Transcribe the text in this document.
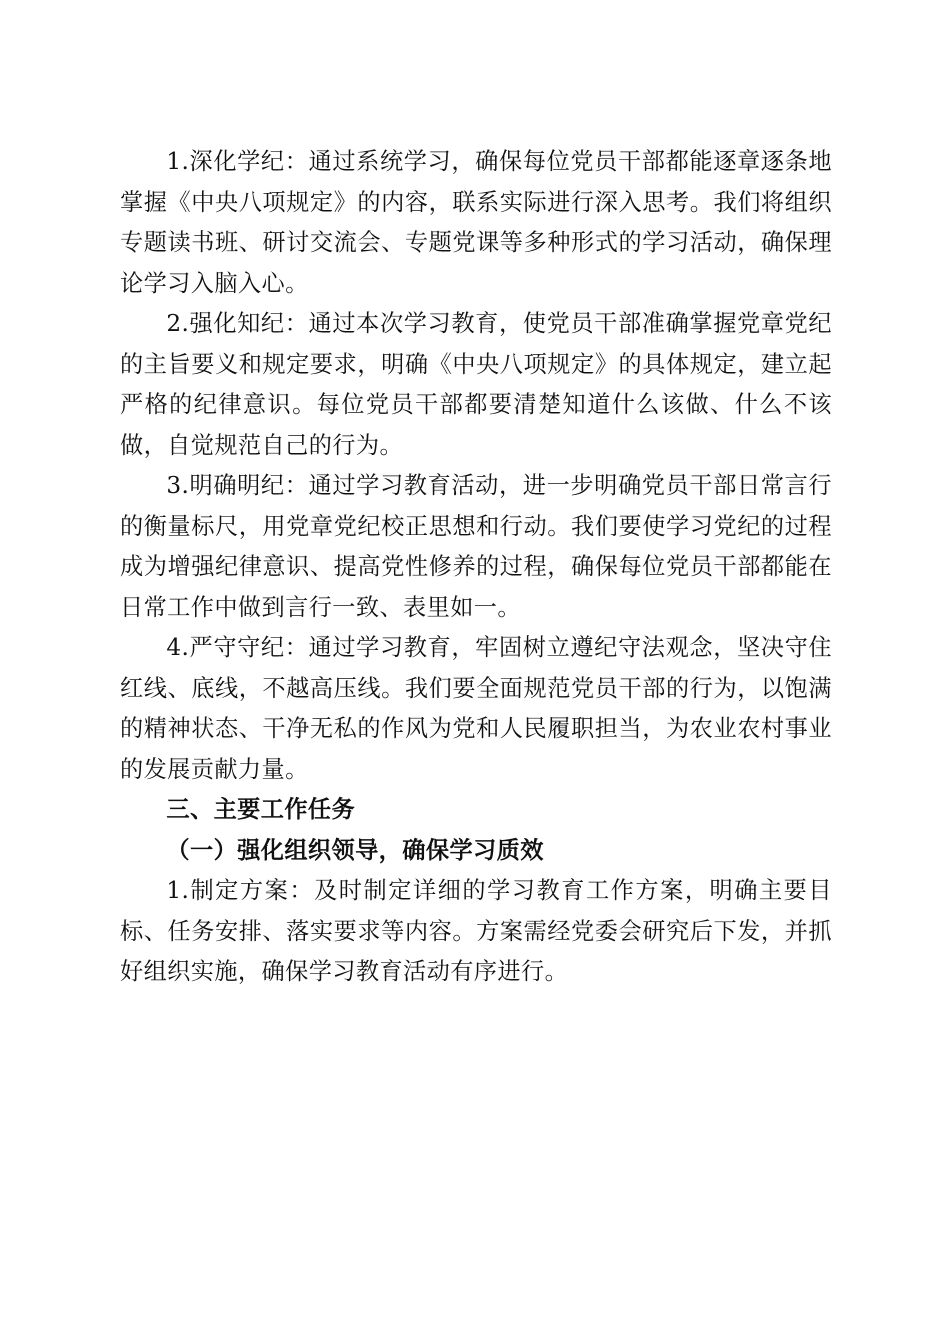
1.深化学纪：通过系统学习，确保每位党员干部都能逐章逐条地掌握《中央八项规定》的内容，联系实际进行深入思考。我们将组织专题读书班、研讨交流会、专题党课等多种形式的学习活动，确保理论学习入脑入心。

2.强化知纪：通过本次学习教育，使党员干部准确掌握党章党纪的主旨要义和规定要求，明确《中央八项规定》的具体规定，建立起严格的纪律意识。每位党员干部都要清楚知道什么该做、什么不该做，自觉规范自己的行为。

3.明确明纪：通过学习教育活动，进一步明确党员干部日常言行的衡量标尺，用党章党纪校正思想和行动。我们要使学习党纪的过程成为增强纪律意识、提高党性修养的过程，确保每位党员干部都能在日常工作中做到言行一致、表里如一。

4.严守守纪：通过学习教育，牢固树立遵纪守法观念，坚决守住红线、底线，不越高压线。我们要全面规范党员干部的行为，以饱满的精神状态、干净无私的作风为党和人民履职担当，为农业农村事业的发展贡献力量。

三、主要工作任务

（一）强化组织领导，确保学习质效

1.制定方案：及时制定详细的学习教育工作方案，明确主要目标、任务安排、落实要求等内容。方案需经党委会研究后下发，并抓好组织实施，确保学习教育活动有序进行。
